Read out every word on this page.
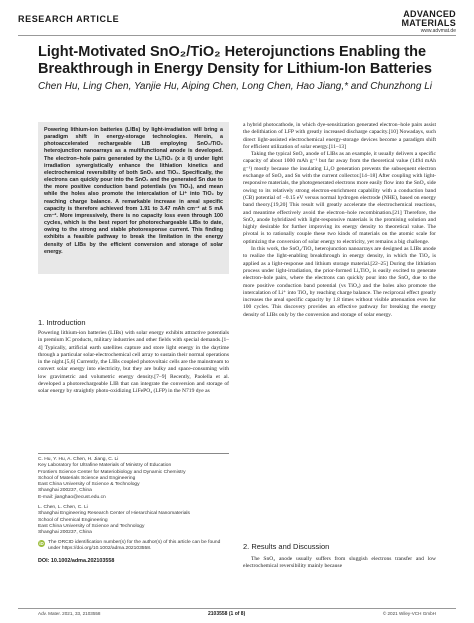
RESEARCH ARTICLE	ADVANCED
MATERIALS
www.advmat.de
Light-Motivated SnO₂/TiO₂ Heterojunctions Enabling the Breakthrough in Energy Density for Lithium-Ion Batteries
Chen Hu, Ling Chen, Yanjie Hu, Aiping Chen, Long Chen, Hao Jiang,* and Chunzhong Li
Powering lithium-ion batteries (LIBs) by light-irradiation will bring a paradigm shift in energy-storage technologies. Herein, a photoaccelerated rechargeable LIB employing SnO₂/TiO₂ heterojunction nanoarrays as a multifunctional anode is developed. The electron–hole pairs generated by the LiₓTiO₂ (x ≥ 0) under light irradiation synergistically enhance the lithiation kinetics and electrochemical reversibility of both SnO₂ and TiO₂. Specifically, the electrons can quickly pour into the SnO₂ and the generated Sn due to the more positive conduction band potentials (vs TiO₂), and mean while the holes also promote the intercalation of Li⁺ into TiO₂ by reaching charge balance. A remarkable increase in areal specific capacity is therefore achieved from 1.91 to 3.47 mAh cm⁻² at 5 mA cm⁻². More impressively, there is no capacity loss even through 100 cycles, which is the best report for photorechargeable LIBs to date, owing to the strong and stable photoresponse current. This finding exhibits a feasible pathway to break the limitation in the energy density of LIBs by the efficient conversion and storage of solar energy.
1. Introduction

Powering lithium-ion batteries (LIBs) with solar energy exhibits attractive potentials in premium IC products, military industries and other fields with special demands.[1–4] Typically, artificial earth satellites capture and store light energy in the daytime through a particular solar-electrochemical cell array to sustain their normal operations in the night.[5,6] Currently, the LIBs coupled photovoltaic cells are the mainstream to convert solar energy into electricity, but they are bulky and space-consuming with low gravimetric and volumetric energy density.[7–9] Recently, Paolella et al. developed a photorechargeable LIB that can integrate the conversion and storage of solar energy by straightly photo-oxidizing LiFePO₄ (LFP) in the N719 dye as

C. Hu, Y. Hu, A. Chen, H. Jiang, C. Li
Key Laboratory for Ultrafine Materials of Ministry of Education
Frontiers Science Center for Materiobiology and Dynamic Chemistry
School of Materials Science and Engineering
East China University of Science & Technology
Shanghai 200237, China
E-mail: jianghao@ecust.edu.cn

L. Chen, L. Chen, C. Li
Shanghai Engineering Research Center of Hierarchical Nanomaterials
School of Chemical Engineering
East China University of Science and Technology
Shanghai 200237, China

iD The ORCID identification number(s) for the author(s) of this article can be found under https://doi.org/10.1002/adma.202103558.
DOI: 10.1002/adma.202103558

a hybrid photocathode, in which dye-sensitization generated electron–hole pairs assist the delithiation of LFP with greatly increased discharge capacity.[10] Nowadays, such direct light-assisted electrochemical energy-storage devices become a paradigm shift for efficient utilization of solar energy.[11–13]

Taking the typical SnO₂ anode of LIBs as an example, it usually delivers a specific capacity of about 1000 mAh g⁻¹ but far away from the theoretical value (1494 mAh g⁻¹) mostly because the insulating Li₂O generation prevents the subsequent electron exchange of SnO₂ and Sn with the current collector.[14–18] After coupling with light-responsive materials, the photogenerated electrons more easily flow into the SnO₂ side owing to its relatively strong electron-enrichment capability with a conduction band (CB) potential of −0.15 eV versus normal hydrogen electrode (NHE), based on energy band theory.[19,20] This result will greatly accelerate the electrochemical reactions, and meantime effectively avoid the electron–hole recombination.[21] Therefore, the SnO₂ anode hybridized with light-responsive materials is the promising solution and highly desirable for further improving its energy density to theoretical value. The pivotal is to rationally couple these two kinds of materials on the atomic scale for optimizing the conversion of solar energy to electricity, yet remains a big challenge.

In this work, the SnO₂/TiO₂ heterojunction nanoarrays are designed as LIBs anode to realize the light-enabling breakthrough in energy density, in which the TiO₂ is applied as a light-response and lithium storage material.[22–25] During the lithiation process under light-irradiation, the prior-formed LiₓTiO₂ is easily excited to generate electron–hole pairs, where the electrons can quickly pour into the SnO₂ due to the more positive conduction band potential (vs TiO₂) and the holes also promote the intercalation of Li⁺ into TiO₂ by reaching charge balance. The reciprocal effect greatly increases the areal specific capacity by 1.8 times without visible attenuation even for 100 cycles. This discovery provides an effective pathway for breaking the energy density of LIBs only by the conversion and storage of solar energy.

2. Results and Discussion

The SnO₂ anode usually suffers from sluggish electrons transfer and low electrochemical reversibility mainly because

Adv. Mater. 2021, 33, 2103558	2103558 (1 of 8)	© 2021 Wiley-VCH GmbH
